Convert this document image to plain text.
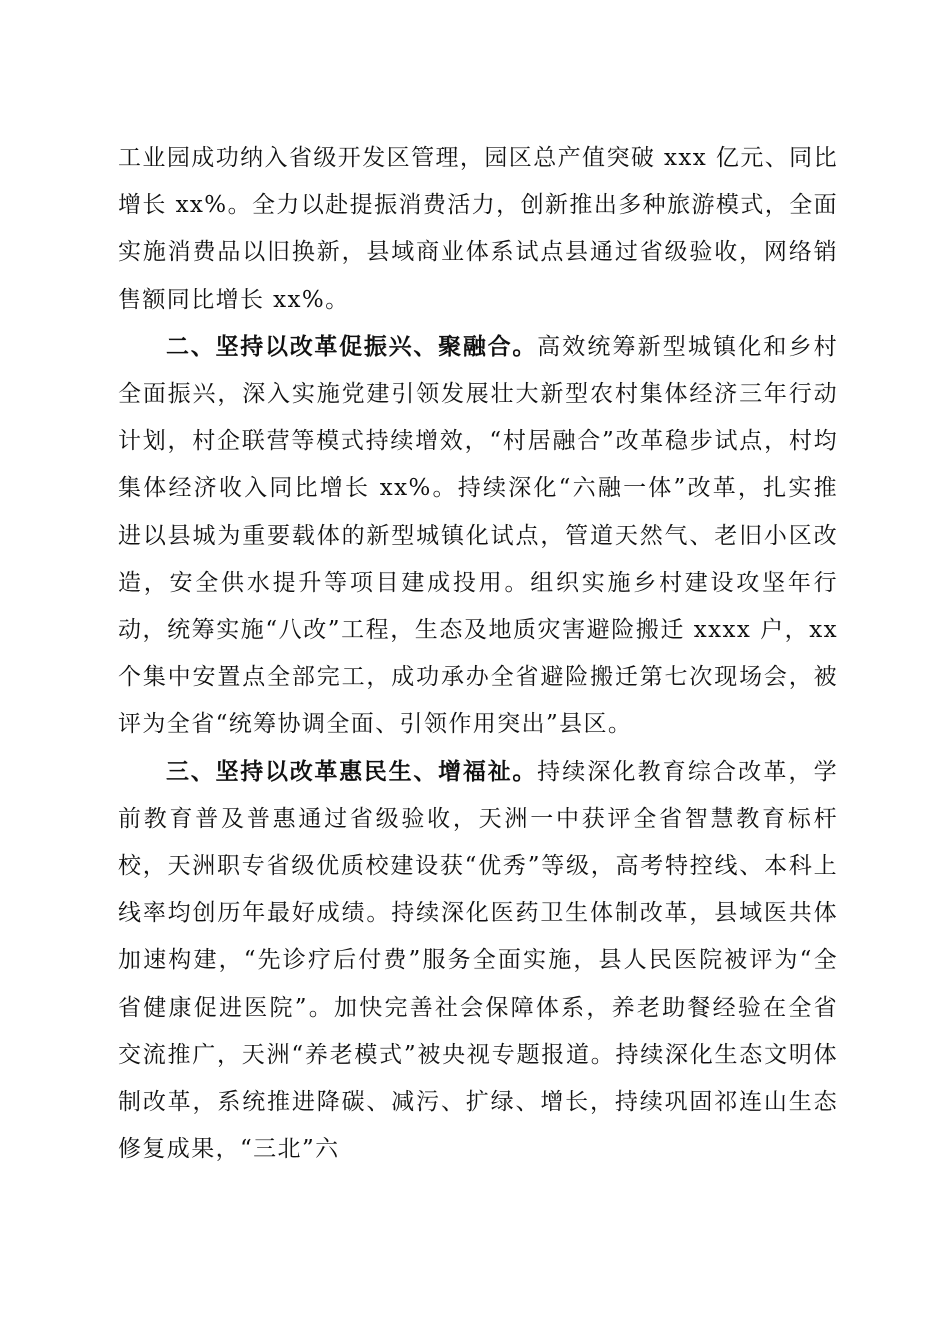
工业园成功纳入省级开发区管理，园区总产值突破 xxx 亿元、同比增长 xx%。全力以赴提振消费活力，创新推出多种旅游模式，全面实施消费品以旧换新，县域商业体系试点县通过省级验收，网络销售额同比增长 xx%。

二、坚持以改革促振兴、聚融合。高效统筹新型城镇化和乡村全面振兴，深入实施党建引领发展壮大新型农村集体经济三年行动计划，村企联营等模式持续增效，“村居融合”改革稳步试点，村均集体经济收入同比增长 xx%。持续深化“六融一体”改革，扎实推进以县城为重要载体的新型城镇化试点，管道天然气、老旧小区改造，安全供水提升等项目建成投用。组织实施乡村建设攻坚年行动，统筹实施“八改”工程，生态及地质灾害避险搬迁 xxxx 户，xx 个集中安置点全部完工，成功承办全省避险搬迁第七次现场会，被评为全省“统筹协调全面、引领作用突出”县区。

三、坚持以改革惠民生、增福祉。持续深化教育综合改革，学前教育普及普惠通过省级验收，天洲一中获评全省智慧教育标杆校，天洲职专省级优质校建设获“优秀”等级，高考特控线、本科上线率均创历年最好成绩。持续深化医药卫生体制改革，县域医共体加速构建，“先诊疗后付费”服务全面实施，县人民医院被评为“全省健康促进医院”。加快完善社会保障体系，养老助餐经验在全省交流推广，天洲“养老模式”被央视专题报道。持续深化生态文明体制改革，系统推进降碳、减污、扩绿、增长，持续巩固祁连山生态修复成果，“三北”六
